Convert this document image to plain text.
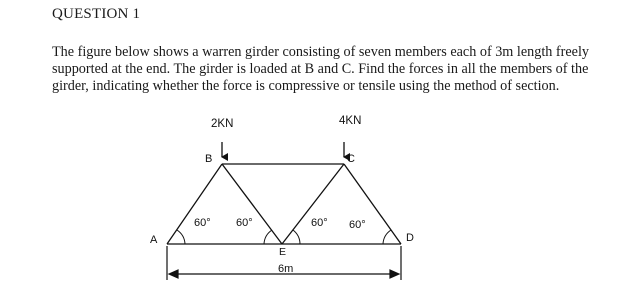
QUESTION 1

The figure below shows a warren girder consisting of seven members each of 3m length freely supported at the end. The girder is loaded at B and C. Find the forces in all the members of the girder, indicating whether the force is compressive or tensile using the method of section.

2KN	4KN
B	C
A	D
E
60° 60°	60° 60°
6m
